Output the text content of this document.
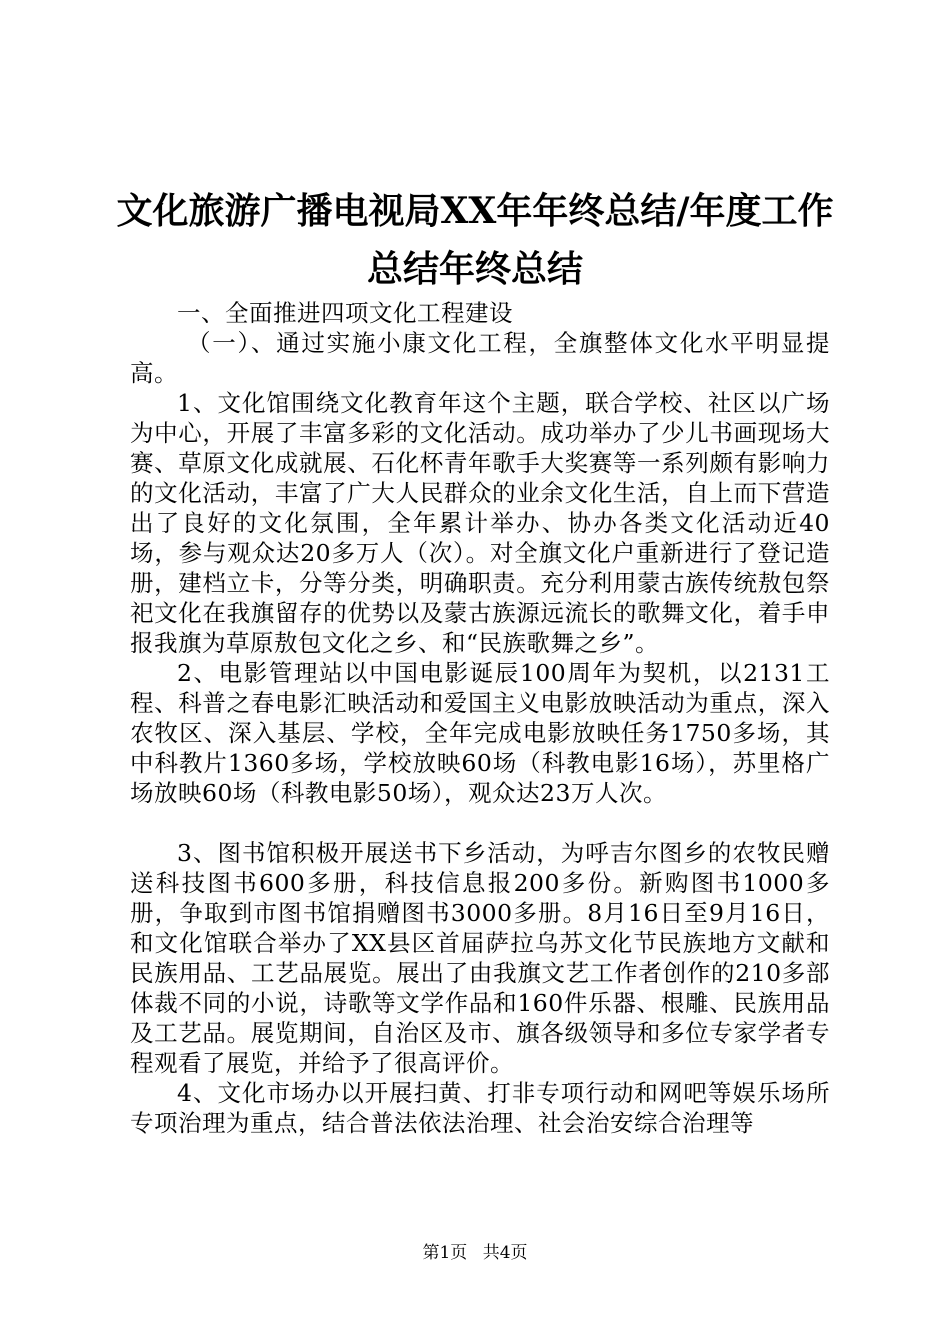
文化旅游广播电视局XX年年终总结/年度工作总结年终总结

一、全面推进四项文化工程建设

（一）、通过实施小康文化工程，全旗整体文化水平明显提高。

1、文化馆围绕文化教育年这个主题，联合学校、社区以广场为中心，开展了丰富多彩的文化活动。成功举办了少儿书画现场大赛、草原文化成就展、石化杯青年歌手大奖赛等一系列颇有影响力的文化活动，丰富了广大人民群众的业余文化生活，自上而下营造出了良好的文化氛围，全年累计举办、协办各类文化活动近40场，参与观众达20多万人（次）。对全旗文化户重新进行了登记造册，建档立卡，分等分类，明确职责。充分利用蒙古族传统敖包祭祀文化在我旗留存的优势以及蒙古族源远流长的歌舞文化，着手申报我旗为草原敖包文化之乡、和“民族歌舞之乡”。

2、电影管理站以中国电影诞辰100周年为契机，以2131工程、科普之春电影汇映活动和爱国主义电影放映活动为重点，深入农牧区、深入基层、学校，全年完成电影放映任务1750多场，其中科教片1360多场，学校放映60场（科教电影16场），苏里格广场放映60场（科教电影50场），观众达23万人次。

3、图书馆积极开展送书下乡活动，为呼吉尔图乡的农牧民赠送科技图书600多册，科技信息报200多份。新购图书1000多册，争取到市图书馆捐赠图书3000多册。8月16日至9月16日，和文化馆联合举办了XX县区首届萨拉乌苏文化节民族地方文献和民族用品、工艺品展览。展出了由我旗文艺工作者创作的210多部体裁不同的小说，诗歌等文学作品和160件乐器、根雕、民族用品及工艺品。展览期间，自治区及市、旗各级领导和多位专家学者专程观看了展览，并给予了很高评价。

4、文化市场办以开展扫黄、打非专项行动和网吧等娱乐场所专项治理为重点，结合普法依法治理、社会治安综合治理等

第1页 共4页
